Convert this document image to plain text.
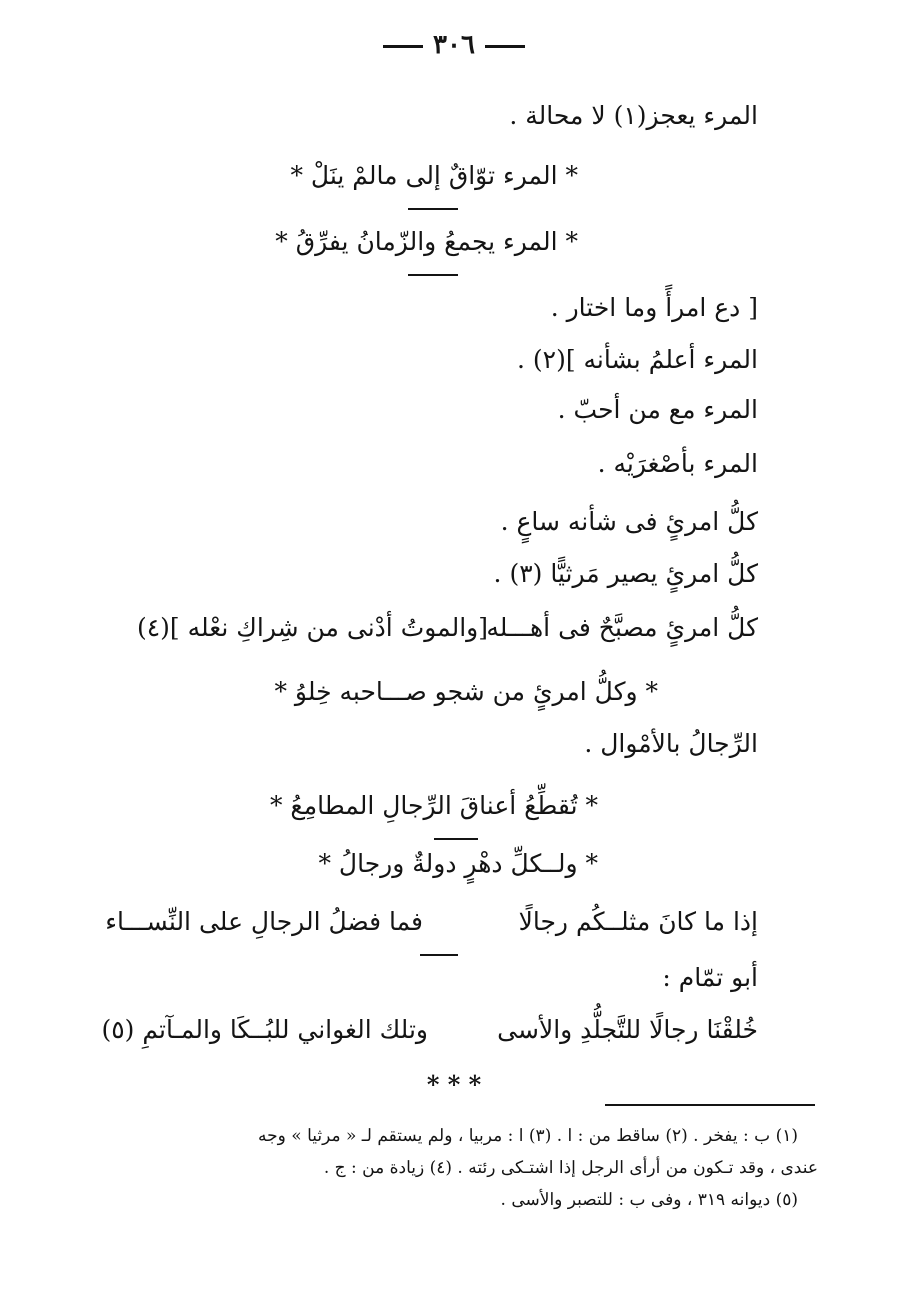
٣٠٦
المرء يعجز(١) لا محالة .
* المرء توّاقٌ إلى مالمْ ينَلْ *
* المرء يجمعُ والزّمانُ يفرِّقُ *
[ دع امرأً وما اختار .
المرء أعلمُ بشأنه ](٢) .
المرء مع من أحبّ .
المرء بأصْغرَيْه .
كلُّ امرئٍ فى شأنه ساعٍ .
كلُّ امرئٍ يصير مَرثيًّا (٣) .
كلُّ امرئٍ مصبَّحٌ فى أهـــله
[والموتُ أدْنى من شِراكِ نعْله ](٤)
* وكلُّ امرئٍ من شجو صـــاحبه خِلوُ *
الرِّجالُ بالأمْوال .
* تُقطِّعُ أعناقَ الرِّجالِ المطامِعُ *
* ولــكلِّ دهْرٍ دولةٌ ورجالُ *
إذا ما كانَ مثلــكُم رجالًا
فما فضلُ الرجالِ على النِّســـاء
أبو تمّام :
خُلقْنَا رجالًا للتَّجلُّدِ والأسى
وتلك الغواني للبُــكَا والمـآتمِ (٥)
* * *
(١) ب : يفخر . (٢) ساقط من : ا . (٣) ا : مربيا ، ولم يستقم لـ « مرثيا » وجه
عندى ، وقد تـكون من أرأى الرجل إذا اشتـكى رئته . (٤) زيادة من : ج .
(٥) ديوانه ٣١٩ ، وفى ب : للتصبر والأسى .
